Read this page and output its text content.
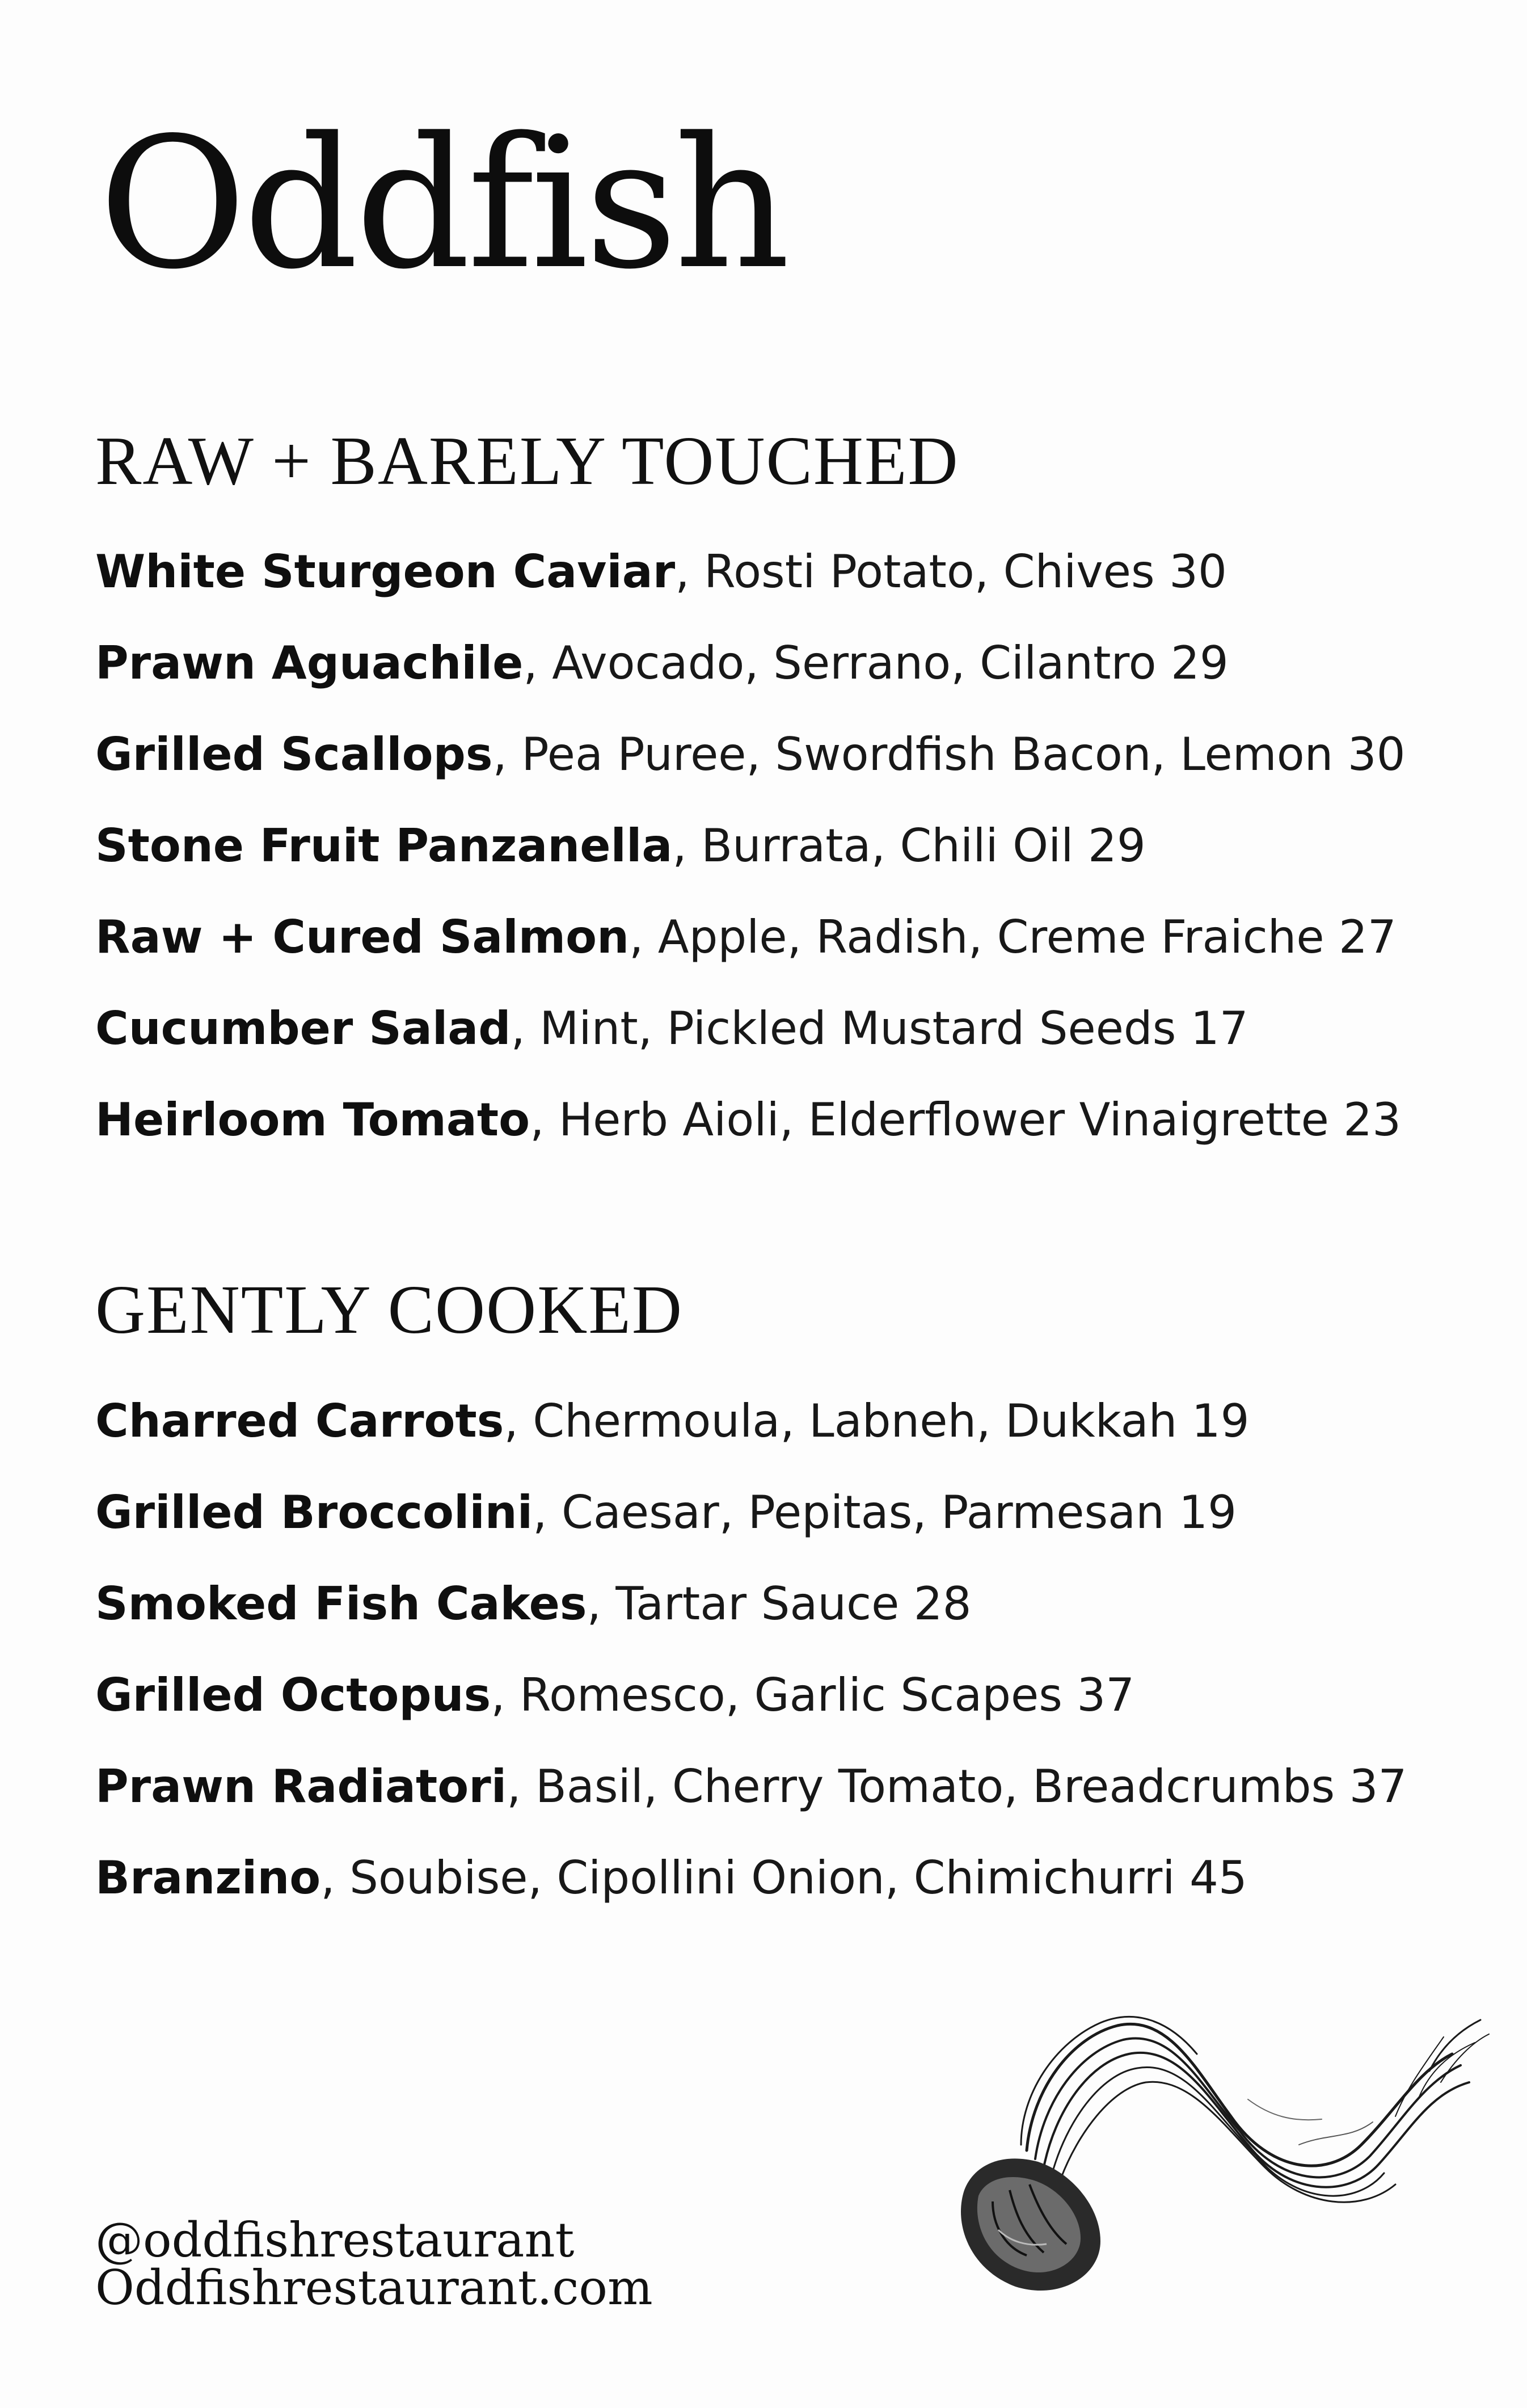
Oddfish
RAW + BARELY TOUCHED

White Sturgeon Caviar, Rosti Potato, Chives 30

Prawn Aguachile, Avocado, Serrano, Cilantro 29

Grilled Scallops, Pea Puree, Swordfish Bacon, Lemon 30

Stone Fruit Panzanella, Burrata, Chili Oil 29

Raw + Cured Salmon, Apple, Radish, Creme Fraiche 27

Cucumber Salad, Mint, Pickled Mustard Seeds 17

Heirloom Tomato, Herb Aioli, Elderflower Vinaigrette 23

GENTLY COOKED

Charred Carrots, Chermoula, Labneh, Dukkah 19

Grilled Broccolini, Caesar, Pepitas, Parmesan 19

Smoked Fish Cakes, Tartar Sauce 28

Grilled Octopus, Romesco, Garlic Scapes 37

Prawn Radiatori, Basil, Cherry Tomato, Breadcrumbs 37

Branzino, Soubise, Cipollini Onion, Chimichurri 45

@oddfishrestaurant

Oddfishrestaurant.com
